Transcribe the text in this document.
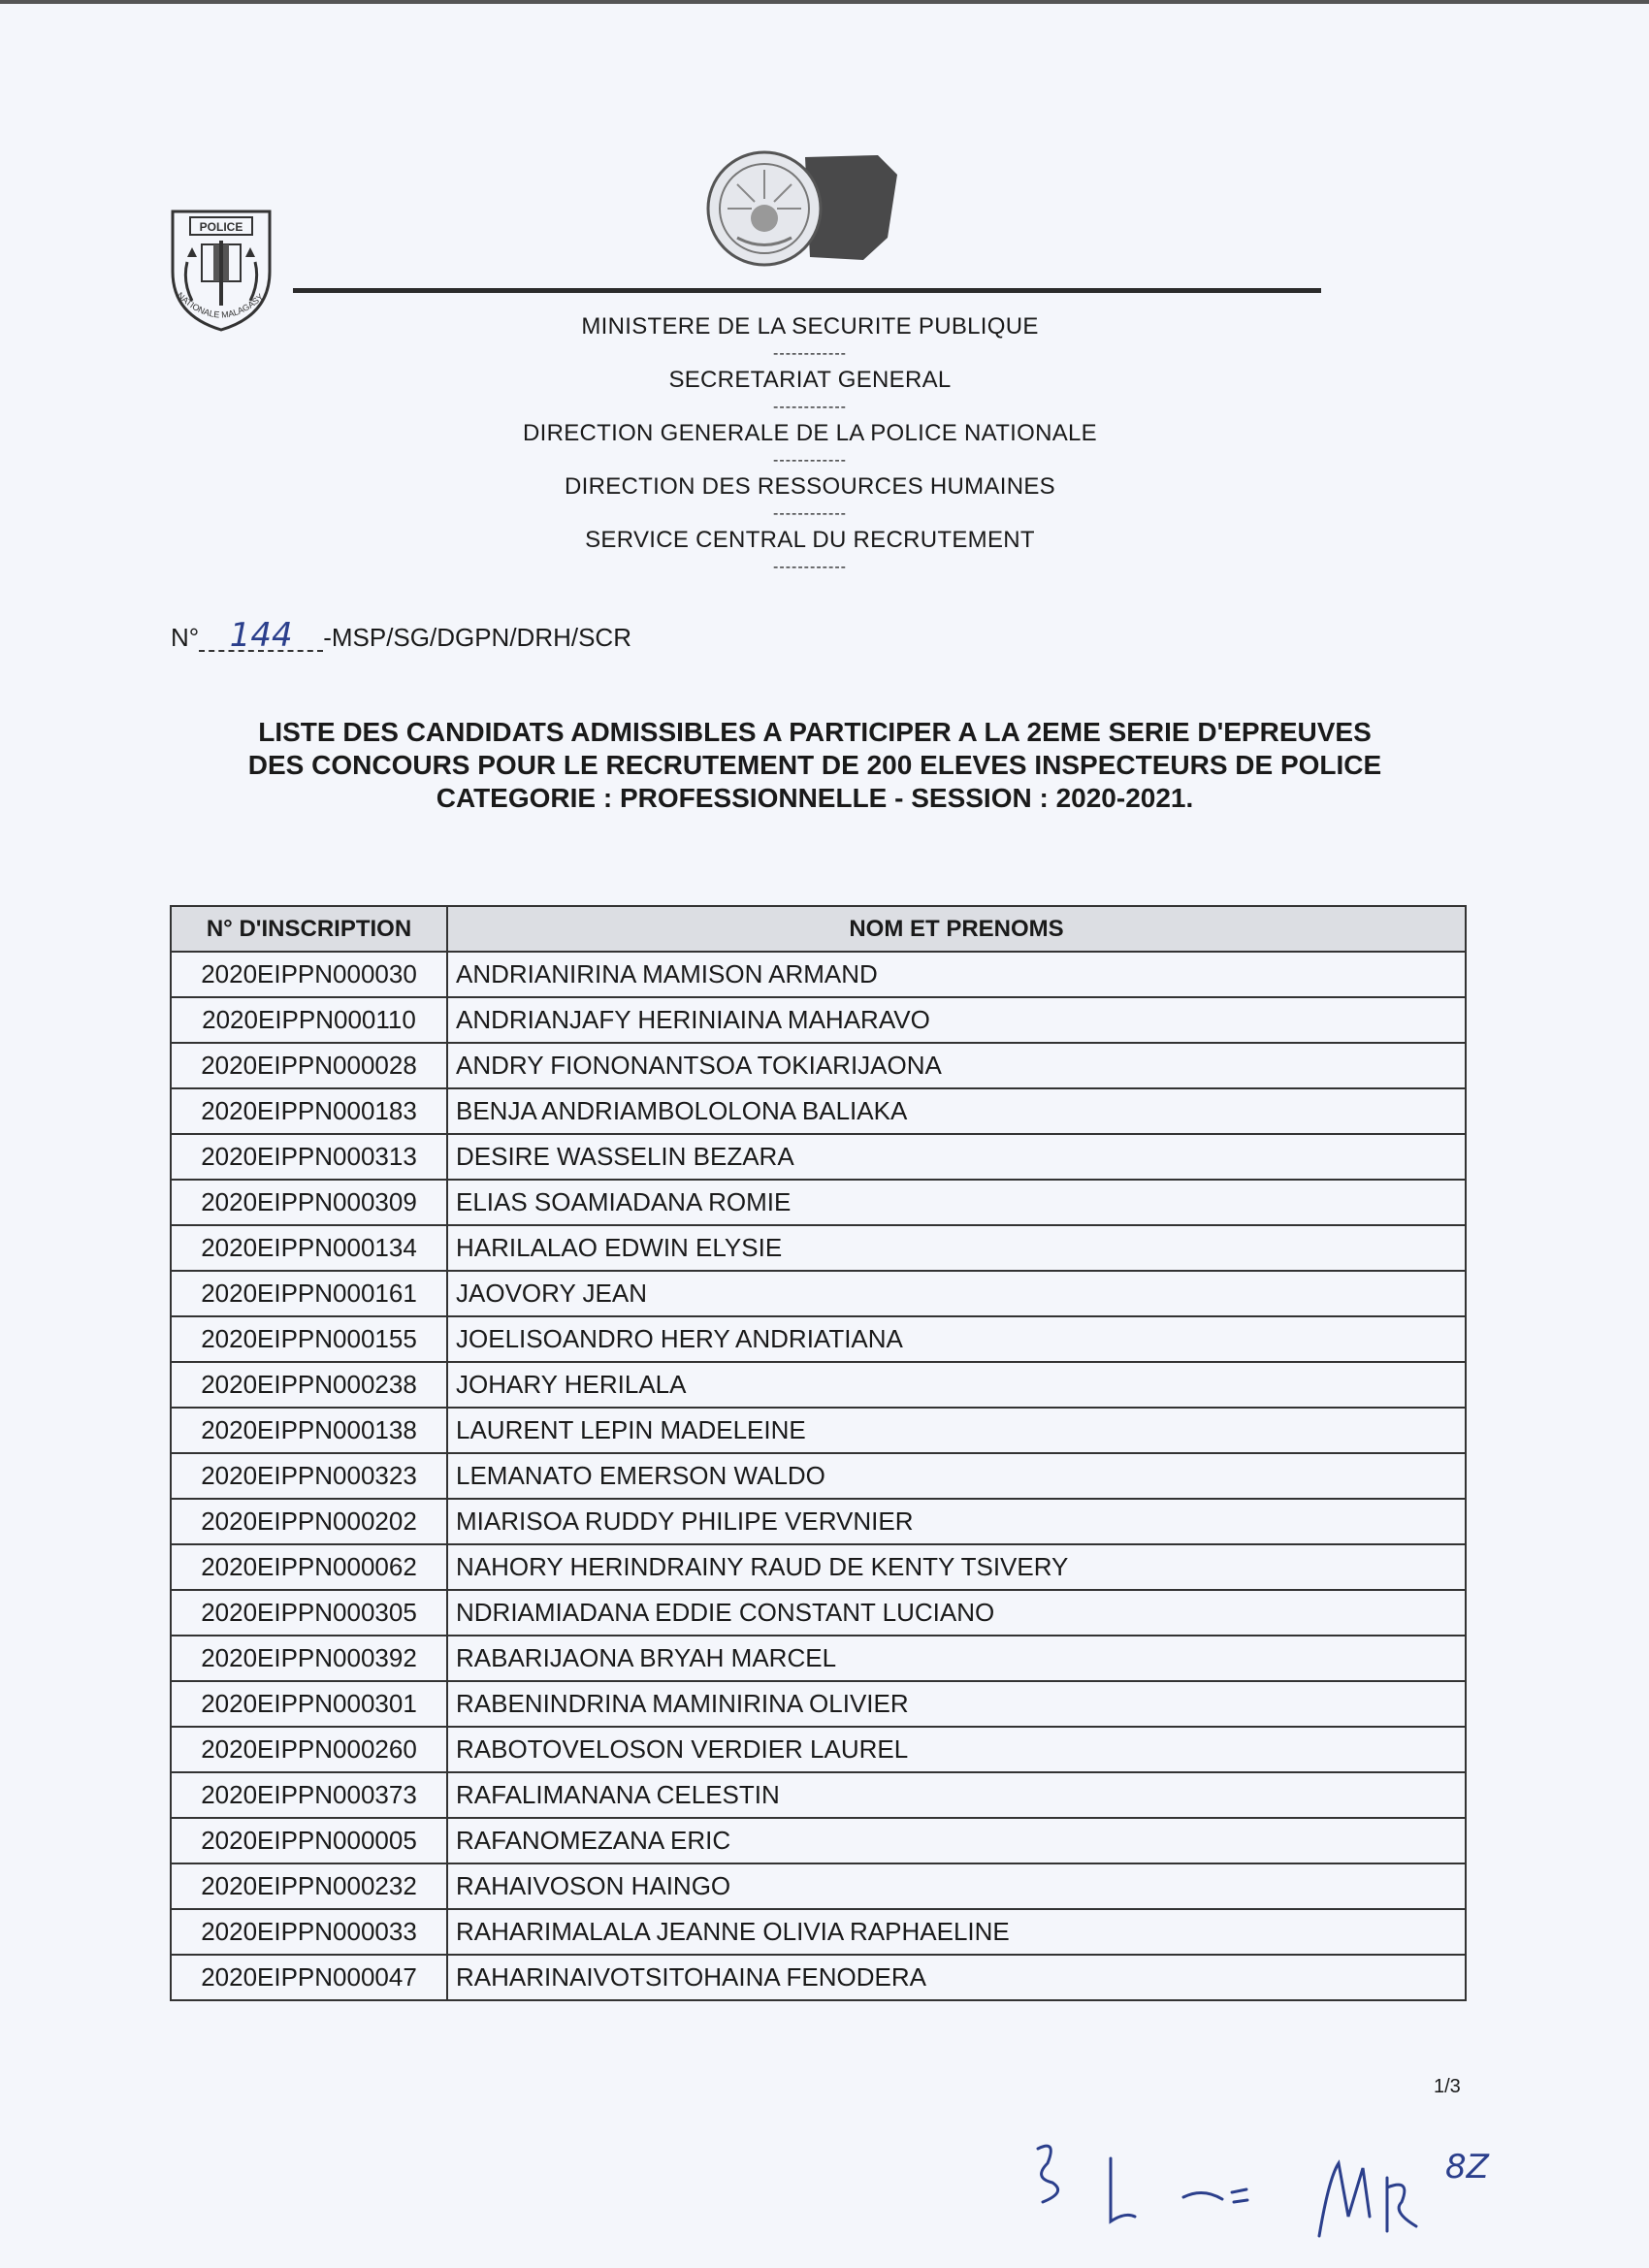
POLICE
NATIONALE MALAGASY
MINISTERE DE LA SECURITE PUBLIQUE
------------
SECRETARIAT GENERAL
------------
DIRECTION GENERALE DE LA POLICE NATIONALE
------------
DIRECTION DES RESSOURCES HUMAINES
------------
SERVICE CENTRAL DU RECRUTEMENT
------------
N° 144 -MSP/SG/DGPN/DRH/SCR
LISTE DES CANDIDATS ADMISSIBLES A PARTICIPER A LA 2EME SERIE D'EPREUVES
DES CONCOURS POUR LE RECRUTEMENT DE 200 ELEVES INSPECTEURS DE POLICE
CATEGORIE : PROFESSIONNELLE - SESSION : 2020-2021.
N° D'INSCRIPTION	NOM ET PRENOMS
2020EIPPN000030	ANDRIANIRINA MAMISON ARMAND
2020EIPPN000110	ANDRIANJAFY HERINIAINA MAHARAVO
2020EIPPN000028	ANDRY FIONONANTSOA TOKIARIJAONA
2020EIPPN000183	BENJA ANDRIAMBOLOLONA BALIAKA
2020EIPPN000313	DESIRE WASSELIN BEZARA
2020EIPPN000309	ELIAS SOAMIADANA ROMIE
2020EIPPN000134	HARILALAO EDWIN ELYSIE
2020EIPPN000161	JAOVORY JEAN
2020EIPPN000155	JOELISOANDRO HERY ANDRIATIANA
2020EIPPN000238	JOHARY HERILALA
2020EIPPN000138	LAURENT LEPIN MADELEINE
2020EIPPN000323	LEMANATO EMERSON WALDO
2020EIPPN000202	MIARISOA RUDDY PHILIPE VERVNIER
2020EIPPN000062	NAHORY HERINDRAINY RAUD DE KENTY TSIVERY
2020EIPPN000305	NDRIAMIADANA EDDIE CONSTANT LUCIANO
2020EIPPN000392	RABARIJAONA BRYAH MARCEL
2020EIPPN000301	RABENINDRINA MAMINIRINA OLIVIER
2020EIPPN000260	RABOTOVELOSON VERDIER LAUREL
2020EIPPN000373	RAFALIMANANA CELESTIN
2020EIPPN000005	RAFANOMEZANA ERIC
2020EIPPN000232	RAHAIVOSON HAINGO
2020EIPPN000033	RAHARIMALALA JEANNE OLIVIA RAPHAELINE
2020EIPPN000047	RAHARINAIVOTSITOHAINA FENODERA
1/3
8Z
